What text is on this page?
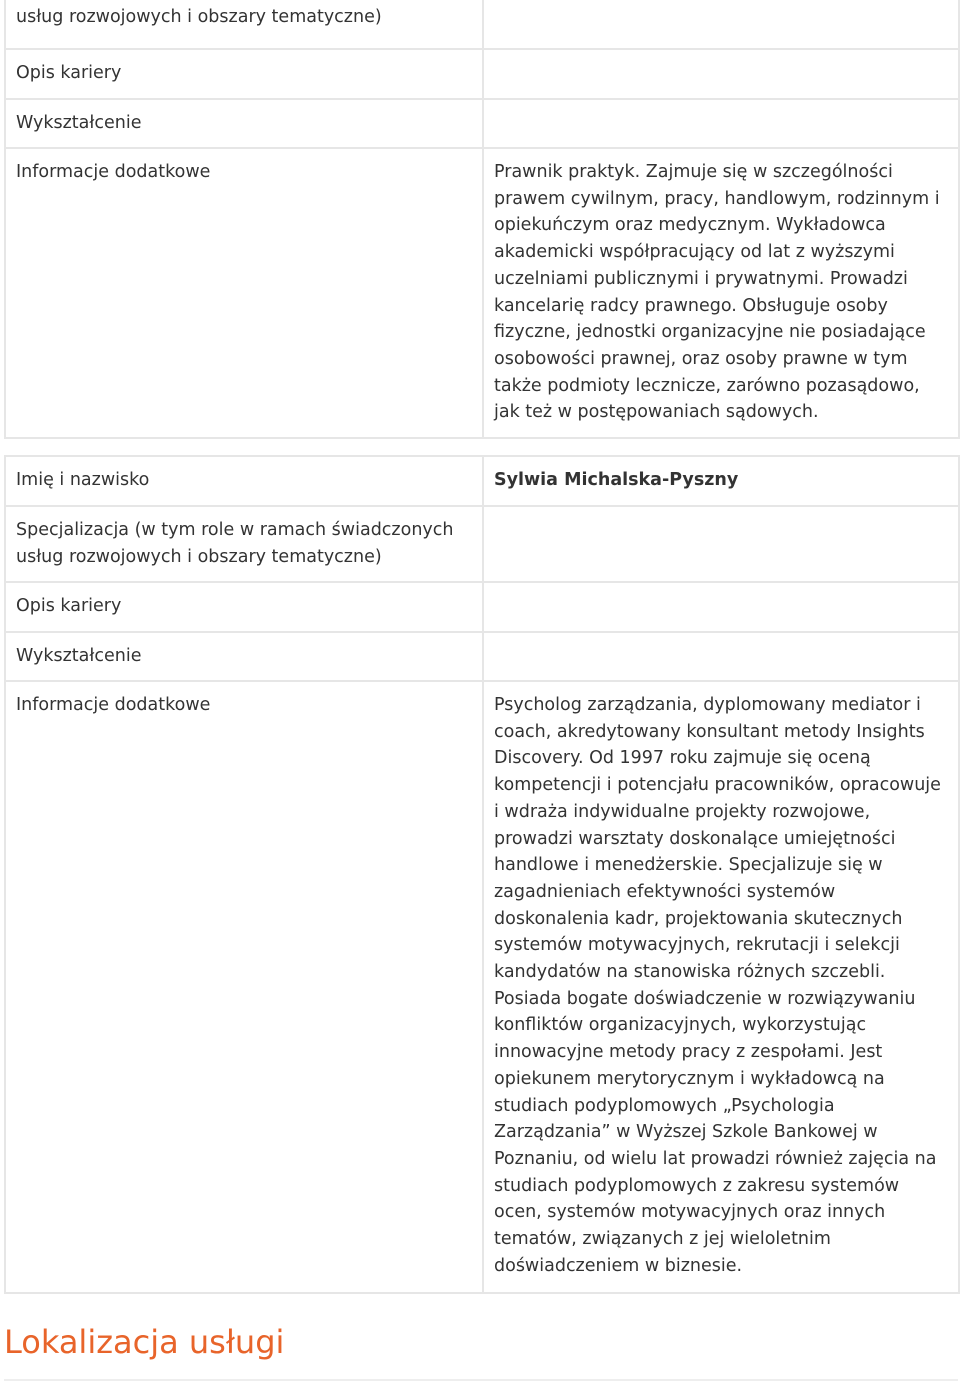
usług rozwojowych i obszary tematyczne)	

Opis kariery	

Wykształcenie	

Informacje dodatkowe	Prawnik praktyk. Zajmuje się w szczególności prawem cywilnym, pracy, handlowym, rodzinnym i opiekuńczym oraz medycznym. Wykładowca akademicki współpracujący od lat z wyższymi uczelniami publicznymi i prywatnymi. Prowadzi kancelarię radcy prawnego. Obsługuje osoby fizyczne, jednostki organizacyjne nie posiadające osobowości prawnej, oraz osoby prawne w tym także podmioty lecznicze, zarówno pozasądowo, jak też w postępowaniach sądowych.
Imię i nazwisko	Sylwia Michalska-Pyszny

Specjalizacja (w tym role w ramach świadczonych usług rozwojowych i obszary tematyczne)	

Opis kariery	

Wykształcenie	

Informacje dodatkowe	Psycholog zarządzania, dyplomowany mediator i coach, akredytowany konsultant metody Insights Discovery. Od 1997 roku zajmuje się oceną kompetencji i potencjału pracowników, opracowuje i wdraża indywidualne projekty rozwojowe, prowadzi warsztaty doskonalące umiejętności handlowe i menedżerskie. Specjalizuje się w zagadnieniach efektywności systemów doskonalenia kadr, projektowania skutecznych systemów motywacyjnych, rekrutacji i selekcji kandydatów na stanowiska różnych szczebli. Posiada bogate doświadczenie w rozwiązywaniu konfliktów organizacyjnych, wykorzystując innowacyjne metody pracy z zespołami. Jest opiekunem merytorycznym i wykładowcą na studiach podyplomowych „Psychologia Zarządzania” w Wyższej Szkole Bankowej w Poznaniu, od wielu lat prowadzi również zajęcia na studiach podyplomowych z zakresu systemów ocen, systemów motywacyjnych oraz innych tematów, związanych z jej wieloletnim doświadczeniem w biznesie.
Lokalizacja usługi
